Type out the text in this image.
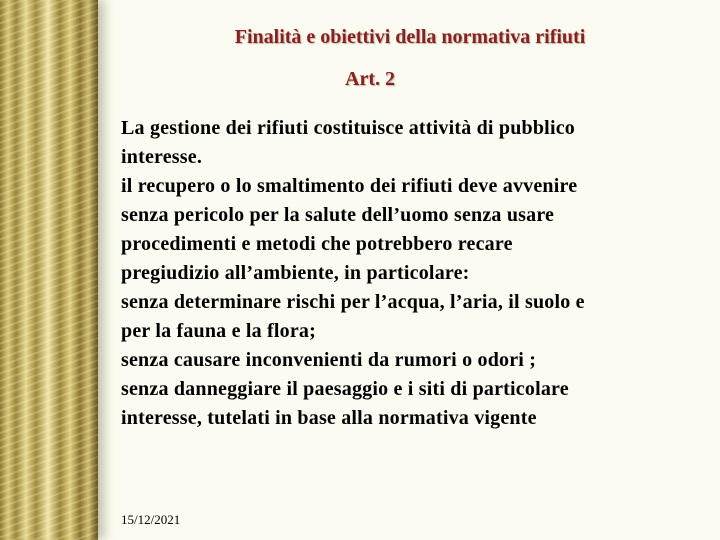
Finalità e obiettivi della normativa rifiuti
Art. 2
La gestione dei rifiuti costituisce attività di pubblico
interesse.
il recupero o lo smaltimento dei rifiuti deve avvenire
senza pericolo per la salute dell’uomo senza usare
procedimenti e metodi che potrebbero recare
pregiudizio all’ambiente, in particolare:
senza determinare rischi per l’acqua, l’aria, il suolo e
per la fauna e la flora;
senza causare inconvenienti da rumori o odori ;
senza danneggiare il paesaggio e i siti di particolare
interesse, tutelati in base alla normativa vigente
15/12/2021
